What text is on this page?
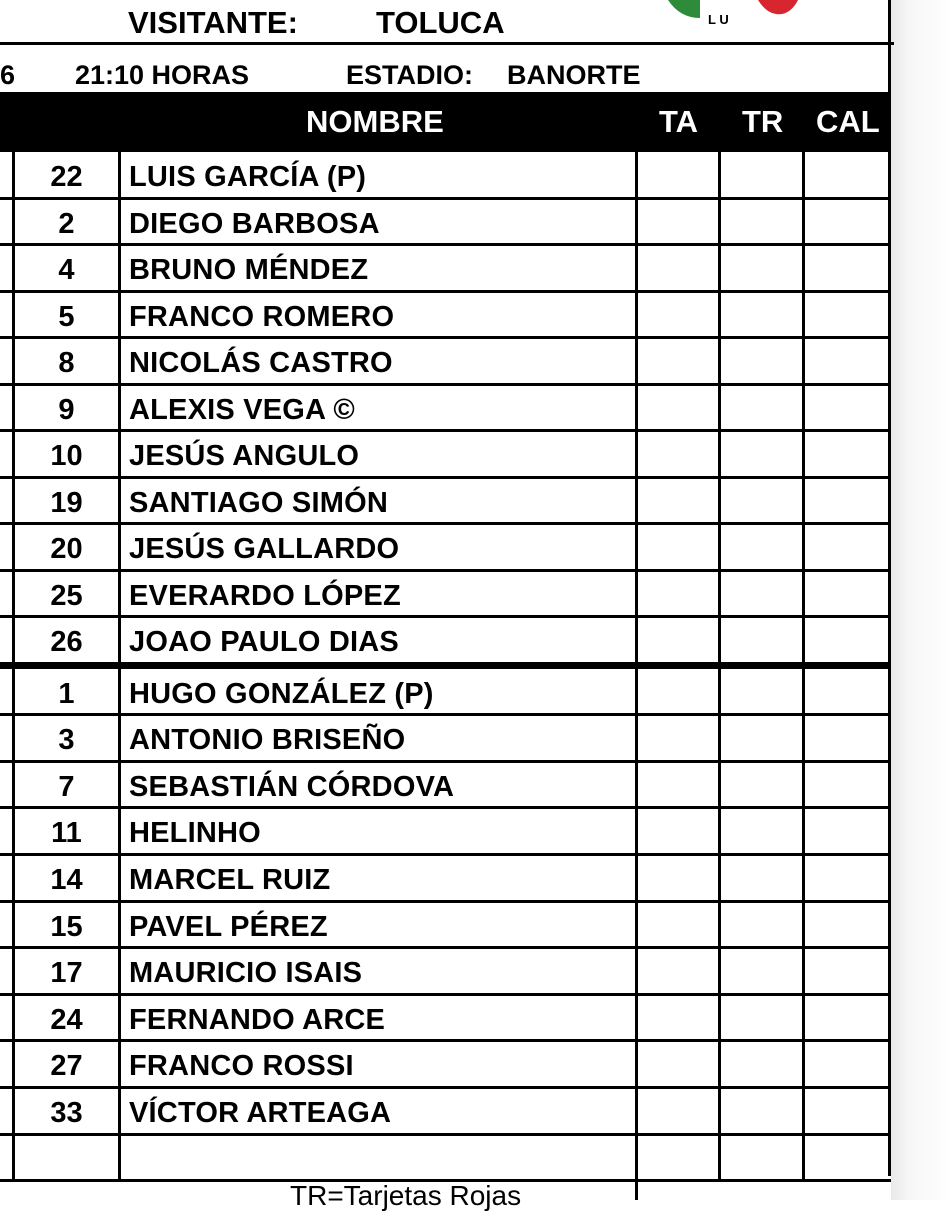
VISITANTE:	TOLUCA	L U
6 21:10 HORAS	ESTADIO: BANORTE
NOMBRE	TA TR CAL
22	LUIS GARCÍA (P)
2	DIEGO BARBOSA
4	BRUNO MÉNDEZ
5	FRANCO ROMERO
8	NICOLÁS CASTRO
9	ALEXIS VEGA ©
10	JESÚS ANGULO
19	SANTIAGO SIMÓN
20	JESÚS GALLARDO
25	EVERARDO LÓPEZ
26	JOAO PAULO DIAS
1	HUGO GONZÁLEZ (P)
3	ANTONIO BRISEÑO
7	SEBASTIÁN CÓRDOVA
11	HELINHO
14	MARCEL RUIZ
15	PAVEL PÉREZ
17	MAURICIO ISAIS
24	FERNANDO ARCE
27	FRANCO ROSSI
33	VÍCTOR ARTEAGA
TR=Tarjetas Rojas
